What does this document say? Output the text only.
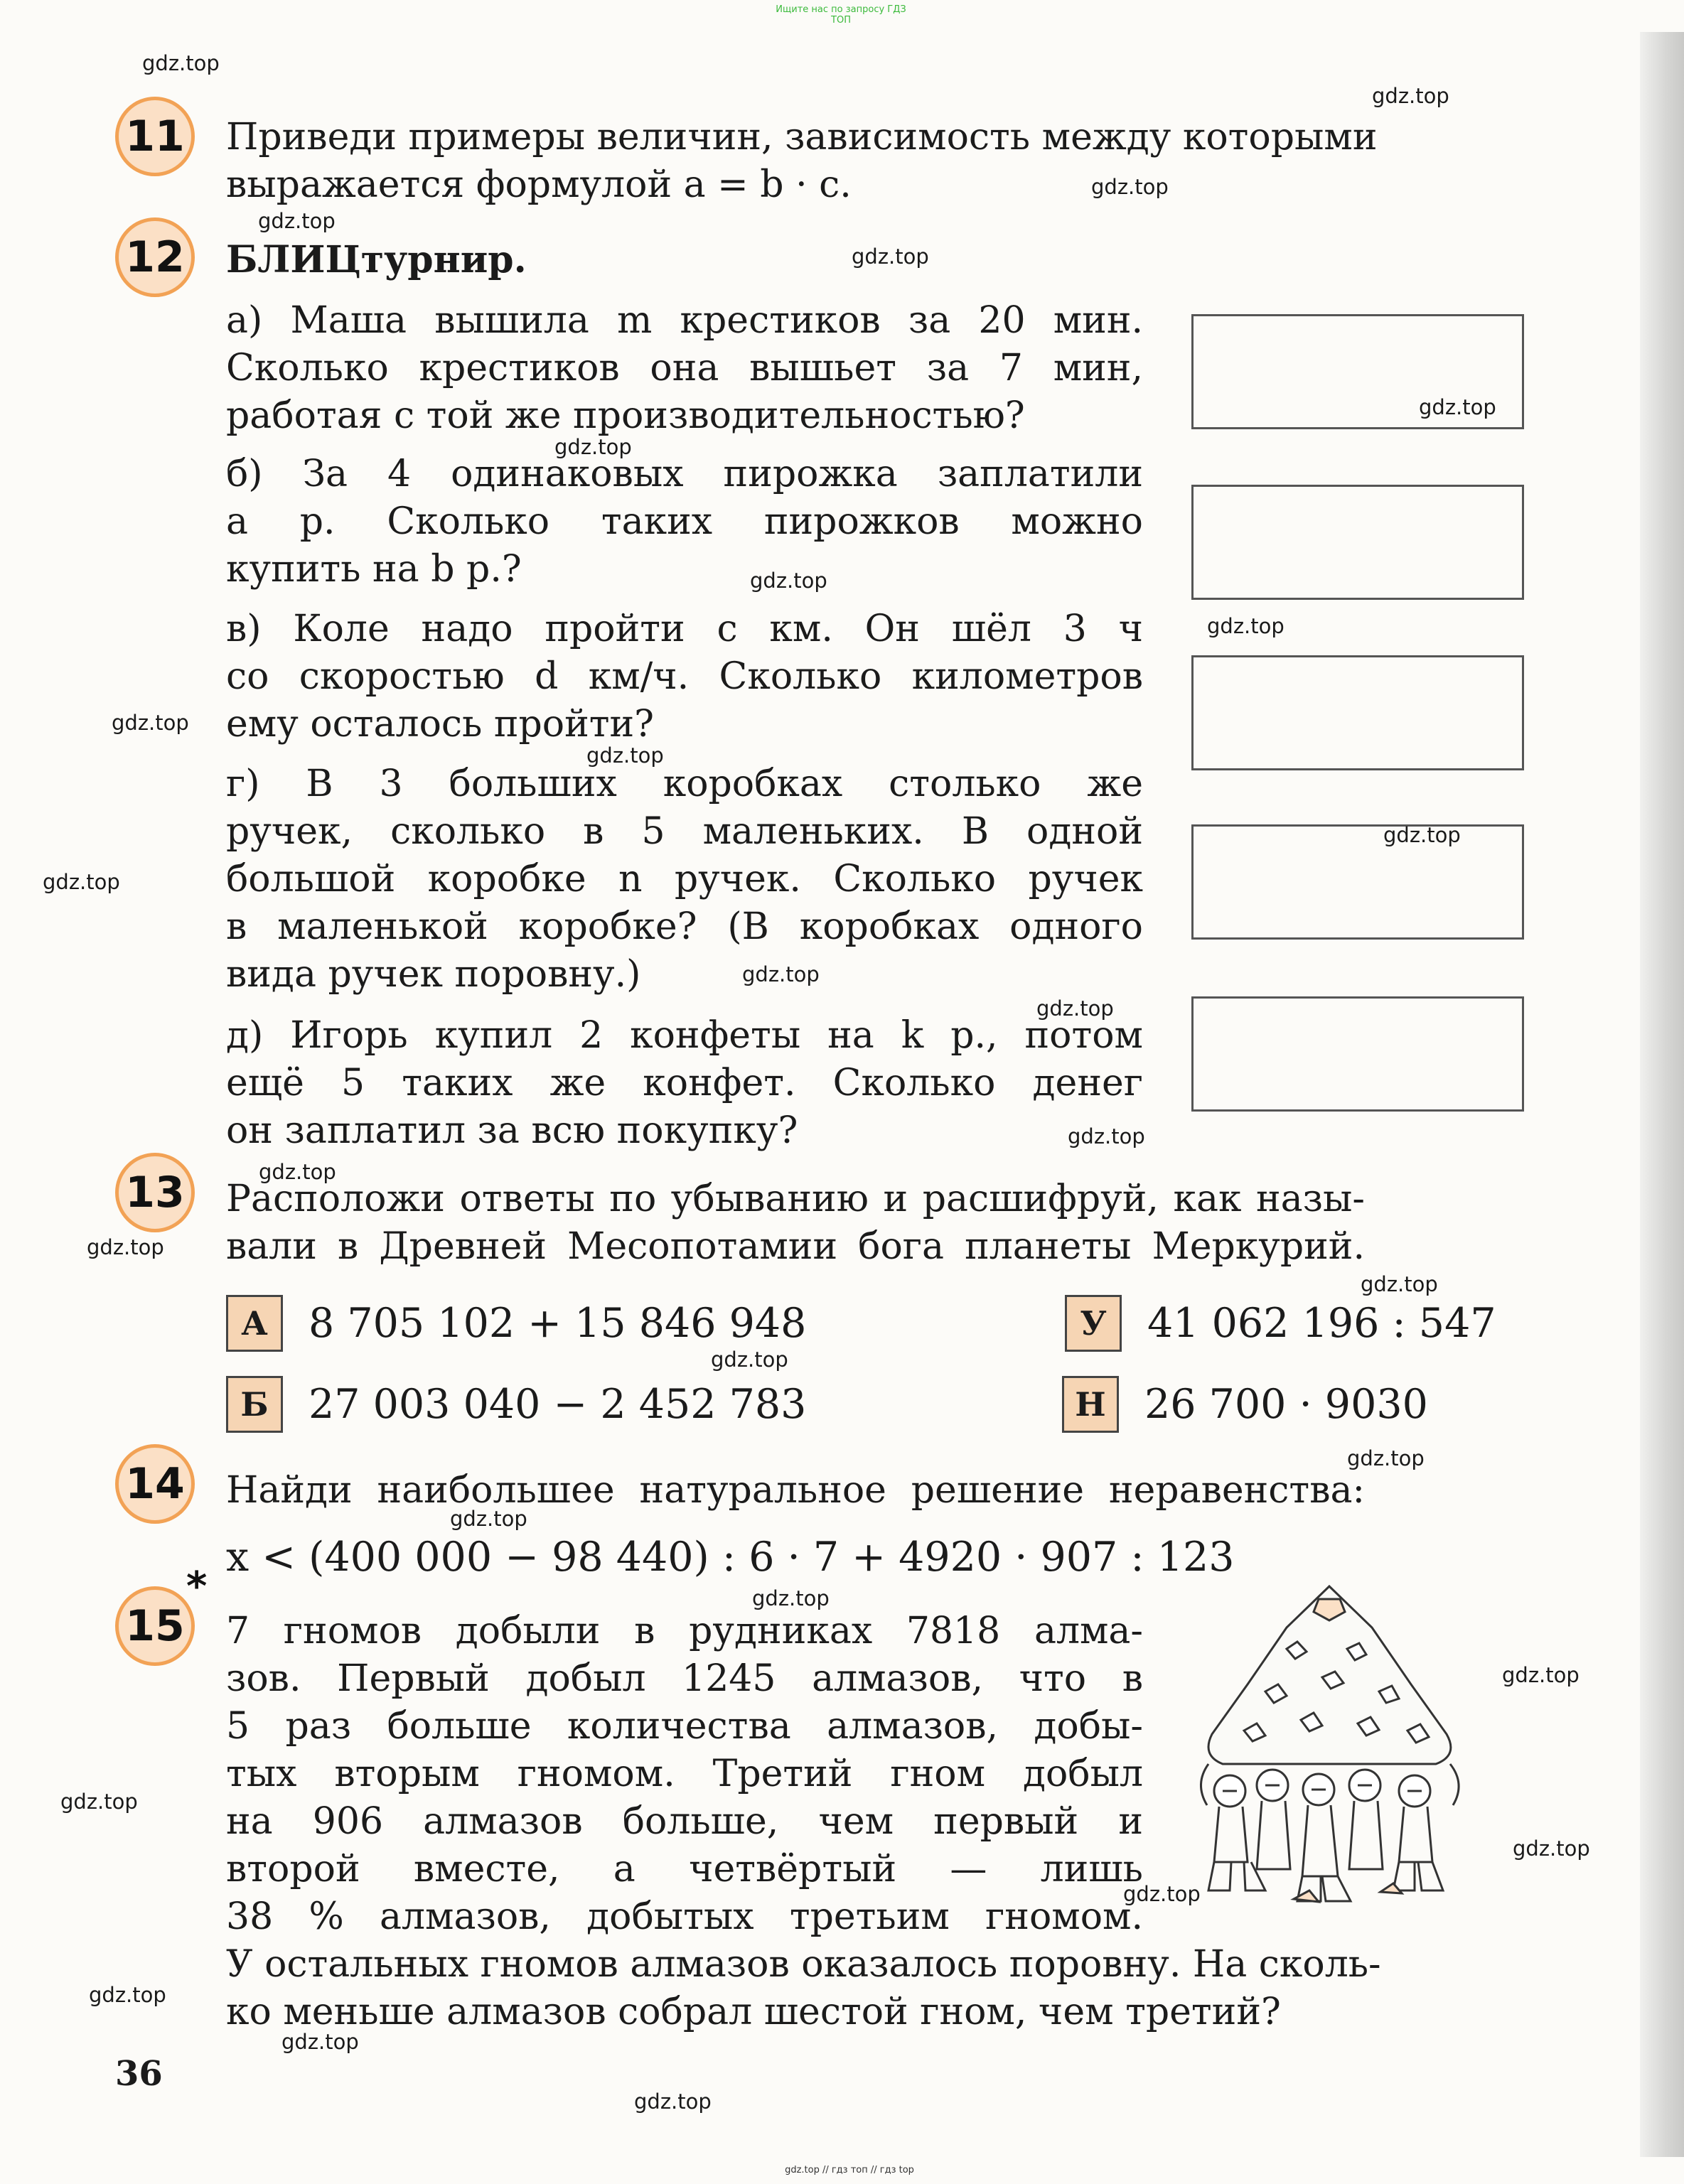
Ищите нас по запросу ГДЗ ТОП
gdz.top
gdz.top
gdz.top
gdz.top
gdz.top
gdz.top
gdz.top
gdz.top
gdz.top
gdz.top
gdz.top
gdz.top
gdz.top
gdz.top
gdz.top
gdz.top
gdz.top
gdz.top
gdz.top
gdz.top
gdz.top
gdz.top
gdz.top
gdz.top
gdz.top
gdz.top
gdz.top
gdz.top
gdz.top
gdz.top
11 Приведи примеры величин, зависимость между которыми
выражается формулой a = b · c.
12 БЛИЦтурнир.
а) Маша вышила m крестиков за 20 мин.
Сколько крестиков она вышьет за 7 мин,
работая с той же производительностью?
б) За 4 одинаковых пирожка заплатили
a р. Сколько таких пирожков можно
купить на b р.?
в) Коле надо пройти c км. Он шёл 3 ч
со скоростью d км/ч. Сколько километров
ему осталось пройти?
г) В 3 больших коробках столько же
ручек, сколько в 5 маленьких. В одной
большой коробке n ручек. Сколько ручек
в маленькой коробке? (В коробках одного
вида ручек поровну.)
д) Игорь купил 2 конфеты на k р., потом
ещё 5 таких же конфет. Сколько денег
он заплатил за всю покупку?
13 Расположи ответы по убыванию и расшифруй, как назы-
вали в Древней Месопотамии бога планеты Меркурий.
А	8 705 102 + 15 846 948	У	41 062 196 : 547
Б 27 003 040 − 2 452 783	Н 26 700 · 9030
14 Найди наибольшее натуральное решение неравенства:
x < (400 000 − 98 440) : 6 · 7 + 4920 · 907 : 123
15
*
7 гномов добыли в рудниках 7818 алма-
зов. Первый добыл 1245 алмазов, что в
5 раз больше количества алмазов, добы-
тых вторым гномом. Третий гном добыл
на 906 алмазов больше, чем первый и
второй вместе, а четвёртый — лишь
38 % алмазов, добытых третьим гномом.
У остальных гномов алмазов оказалось поровну. На сколь-
ко меньше алмазов собрал шестой гном, чем третий?
36
gdz.top // гдз топ // гдз top
